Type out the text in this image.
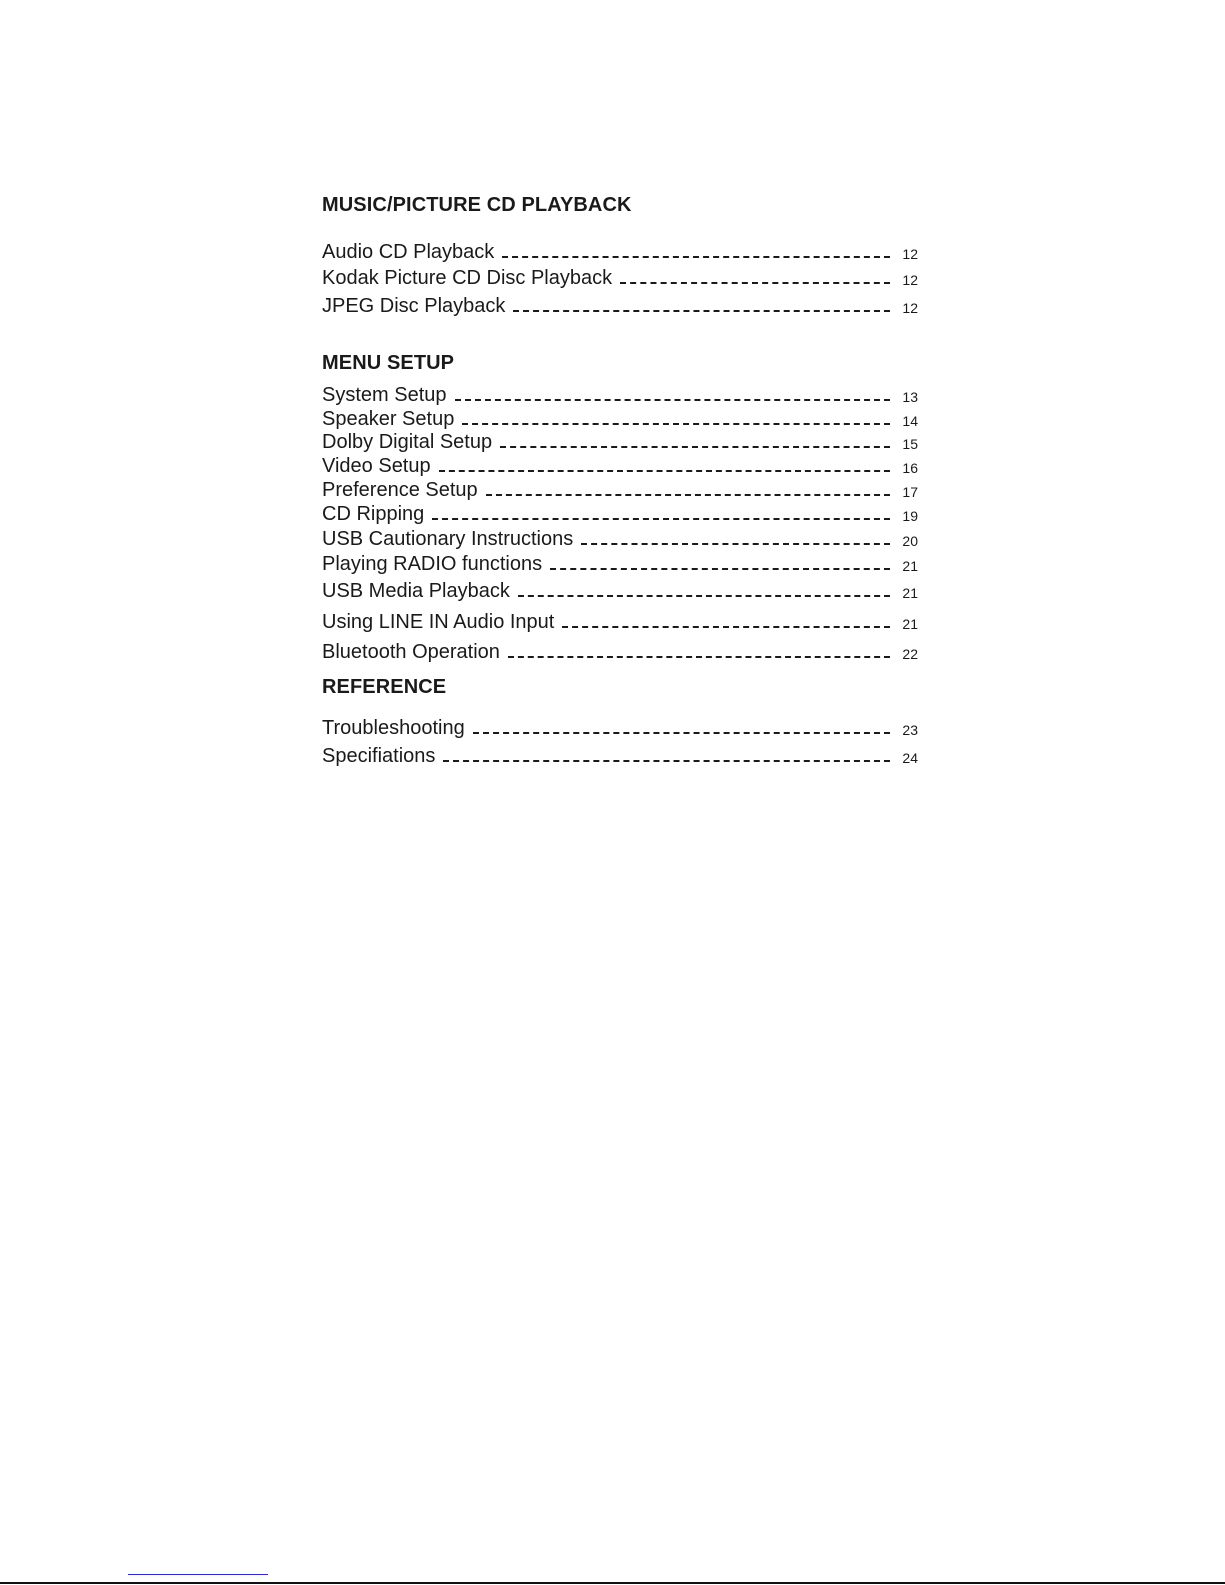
MUSIC/PICTURE CD PLAYBACK
Audio CD Playback	12
Kodak Picture CD Disc Playback	12
JPEG Disc Playback	12
MENU SETUP
System Setup	13
Speaker Setup	14
Dolby Digital Setup	15
Video Setup	16
Preference Setup	17
CD Ripping	19
USB Cautionary Instructions	20
Playing RADIO functions	21
USB Media Playback	21
Using LINE IN Audio Input	21
Bluetooth Operation	22
REFERENCE
Troubleshooting	23
Specifiations	24
